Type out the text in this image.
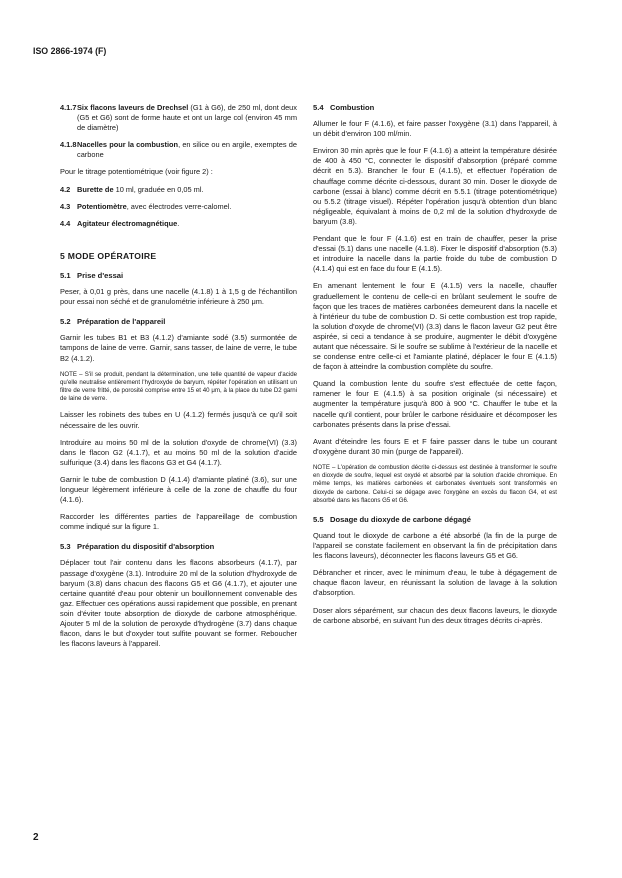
ISO 2866-1974 (F)
4.1.7 Six flacons laveurs de Drechsel (G1 à G6), de 250 ml, dont deux (G5 et G6) sont de forme haute et ont un large col (environ 45 mm de diamètre)
4.1.8 Nacelles pour la combustion, en silice ou en argile, exemptes de carbone

Pour le titrage potentiométrique (voir figure 2) :

4.2 Burette de 10 ml, graduée en 0,05 ml.
4.3 Potentiomètre, avec électrodes verre-calomel.
4.4 Agitateur électromagnétique.
5 MODE OPÉRATOIRE
5.1 Prise d'essai

Peser, à 0,01 g près, dans une nacelle (4.1.8) 1 à 1,5 g de l'échantillon pour essai non séché et de granulométrie inférieure à 250 μm.

5.2 Préparation de l'appareil

Garnir les tubes B1 et B3 (4.1.2) d'amiante sodé (3.5) surmontée de tampons de laine de verre. Garnir, sans tasser, de laine de verre, le tube B2 (4.1.2).

NOTE – S'il se produit, pendant la détermination, une telle quantité de vapeur d'acide qu'elle neutralise entièrement l'hydroxyde de baryum, répéter l'opération en utilisant un filtre de verre fritté, de porosité comprise entre 15 et 40 μm, à la place du tube D2 garni de laine de verre.

Laisser les robinets des tubes en U (4.1.2) fermés jusqu'à ce qu'il soit nécessaire de les ouvrir.

Introduire au moins 50 ml de la solution d'oxyde de chrome(VI) (3.3) dans le flacon G2 (4.1.7), et au moins 50 ml de la solution d'acide sulfurique (3.4) dans les flacons G3 et G4 (4.1.7).

Garnir le tube de combustion D (4.1.4) d'amiante platiné (3.6), sur une longueur légèrement inférieure à celle de la zone de chauffe du four (4.1.6).

Raccorder les différentes parties de l'appareillage de combustion comme indiqué sur la figure 1.

5.3 Préparation du dispositif d'absorption

Déplacer tout l'air contenu dans les flacons absorbeurs (4.1.7), par passage d'oxygène (3.1). Introduire 20 ml de la solution d'hydroxyde de baryum (3.8) dans chacun des flacons G5 et G6 (4.1.7), et ajouter une certaine quantité d'eau pour obtenir un bouillonnement convenable des gaz. Effectuer ces opérations aussi rapidement que possible, en prenant soin d'éviter toute absorption de dioxyde de carbone atmosphérique. Ajouter 5 ml de la solution de peroxyde d'hydrogène (3.7) dans chaque flacon, dans le but d'oxyder tout sulfite pouvant se former. Reboucher les flacons laveurs à l'appareil.

5.4 Combustion

Allumer le four F (4.1.6), et faire passer l'oxygène (3.1) dans l'appareil, à un débit d'environ 100 ml/min.

Environ 30 min après que le four F (4.1.6) a atteint la température désirée de 400 à 450 °C, connecter le dispositif d'absorption (préparé comme décrit en 5.3). Brancher le four E (4.1.5), et effectuer l'opération de chauffage comme décrite ci-dessous, durant 30 min. Doser le dioxyde de carbone (essai à blanc) comme décrit en 5.5.1 (titrage potentiométrique) ou 5.5.2 (titrage visuel). Répéter l'opération jusqu'à obtention d'un blanc négligeable, équivalant à moins de 0,2 ml de la solution d'hydroxyde de baryum (3.8).

Pendant que le four F (4.1.6) est en train de chauffer, peser la prise d'essai (5.1) dans une nacelle (4.1.8). Fixer le dispositif d'absorption (5.3) et introduire la nacelle dans la partie froide du tube de combustion D (4.1.4) qui est en face du four E (4.1.5).

En amenant lentement le four E (4.1.5) vers la nacelle, chauffer graduellement le contenu de celle-ci en brûlant seulement le soufre de façon que les traces de matières carbonées demeurent dans la nacelle et à l'intérieur du tube de combustion D. Si cette combustion est trop rapide, la solution d'oxyde de chrome(VI) (3.3) dans le flacon laveur G2 peut être aspirée, si ceci a tendance à se produire, augmenter le débit d'oxygène autant que nécessaire. Si le soufre se sublime à l'extérieur de la nacelle et se condense entre celle-ci et l'amiante platiné, déplacer le four E (4.1.5) de façon à atteindre la combustion complète du soufre.

Quand la combustion lente du soufre s'est effectuée de cette façon, ramener le four E (4.1.5) à sa position originale (si nécessaire) et augmenter la température jusqu'à 800 à 900 °C. Chauffer le tube et la nacelle qu'il contient, pour brûler le carbone résiduaire et décomposer les carbonates présents dans la prise d'essai.

Avant d'éteindre les fours E et F faire passer dans le tube un courant d'oxygène durant 30 min (purge de l'appareil).

NOTE – L'opération de combustion décrite ci-dessus est destinée à transformer le soufre en dioxyde de soufre, lequel est oxydé et absorbé par la solution d'acide chromique. En même temps, les matières carbonées et carbonates éventuels sont transformés en dioxyde de carbone. Celui-ci se dégage avec l'oxygène en excès du flacon G4, et est absorbé dans les flacons G5 et G6.
5.5 Dosage du dioxyde de carbone dégagé

Quand tout le dioxyde de carbone a été absorbé (la fin de la purge de l'appareil se constate facilement en observant la fin de précipitation dans les flacons laveurs), déconnecter les flacons laveurs G5 et G6.

Débrancher et rincer, avec le minimum d'eau, le tube à dégagement de chaque flacon laveur, en réunissant la solution de lavage à la solution d'absorption.

Doser alors séparément, sur chacun des deux flacons laveurs, le dioxyde de carbone absorbé, en suivant l'un des deux titrages décrits ci-après.

2
